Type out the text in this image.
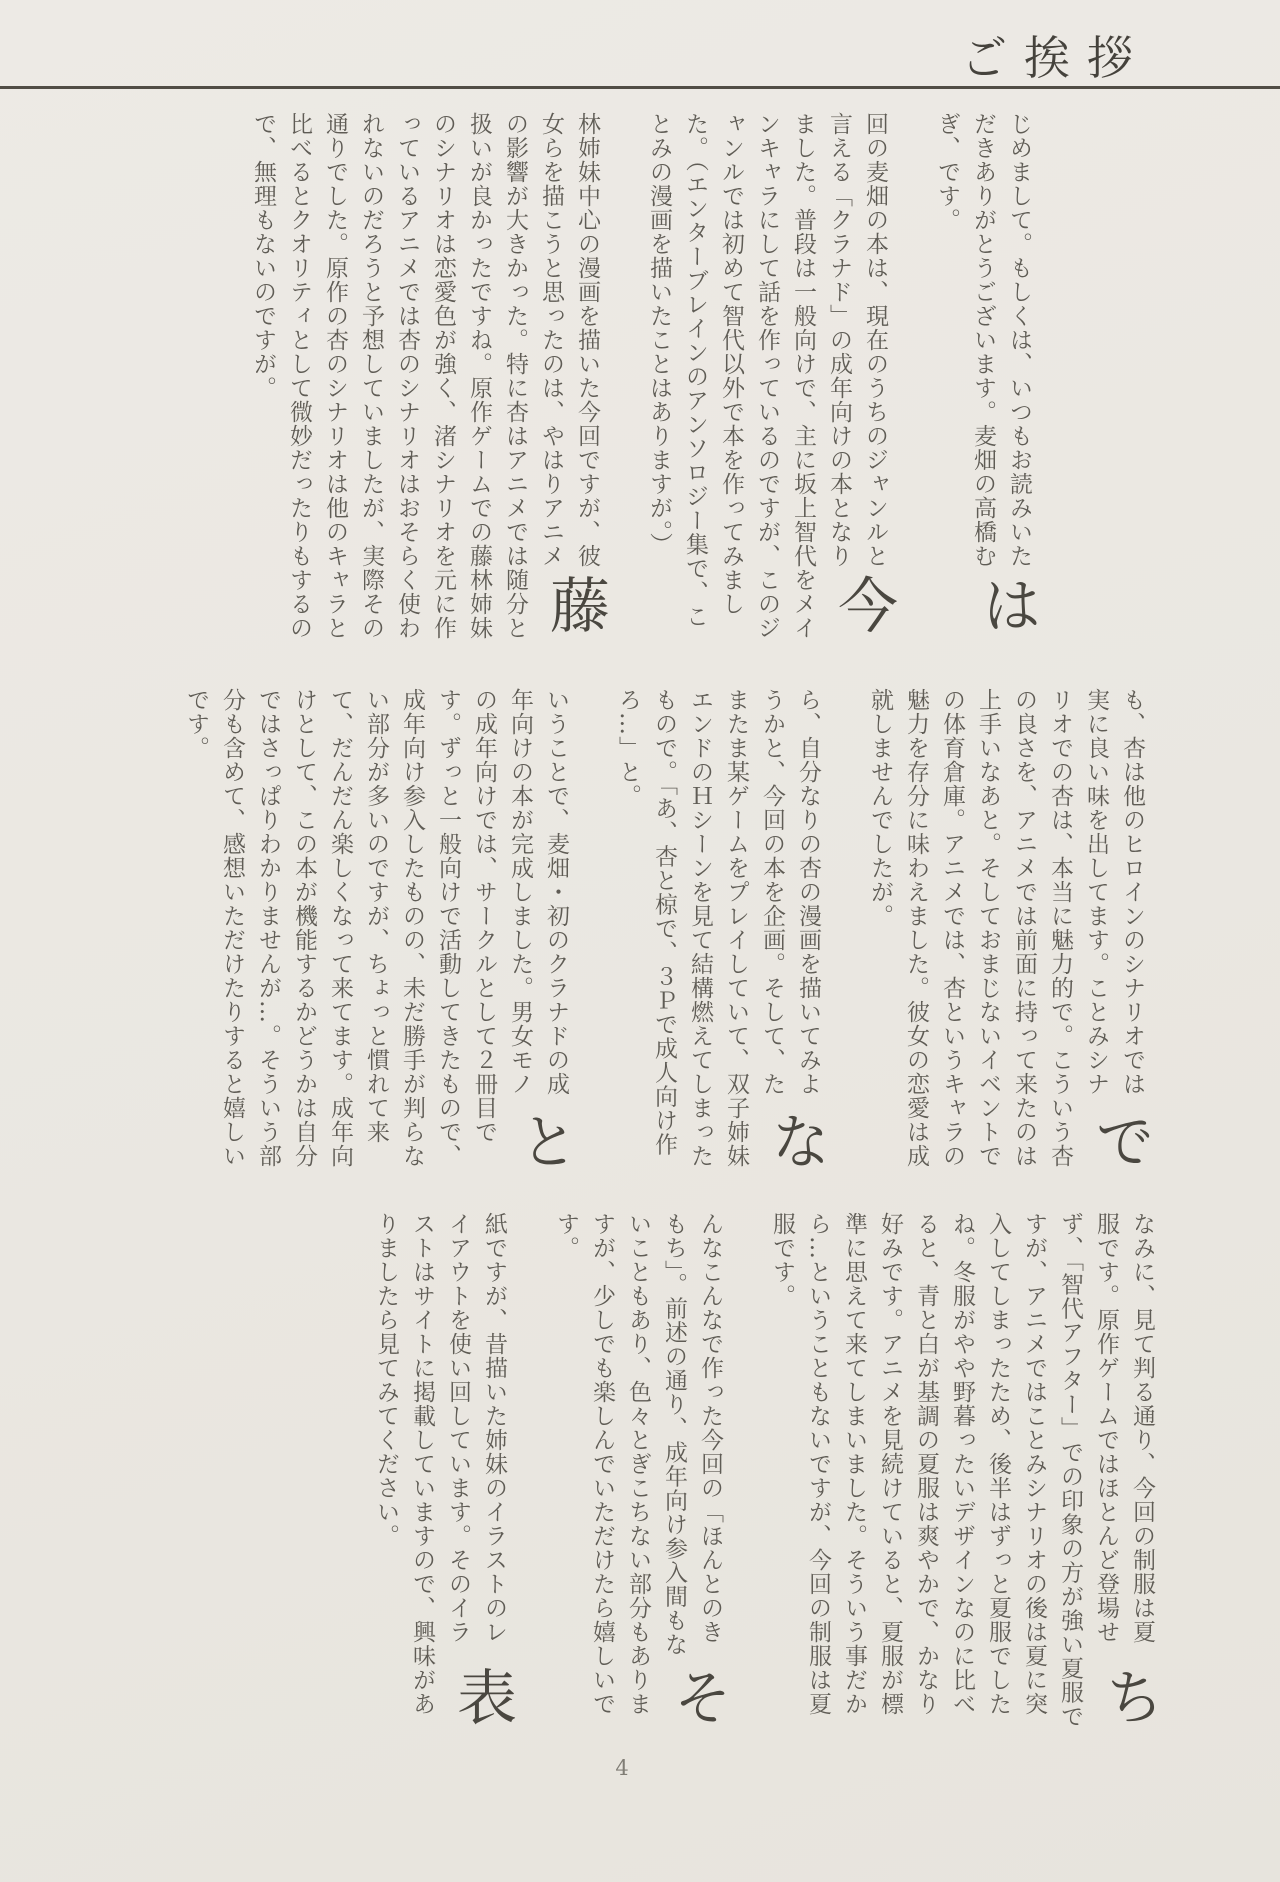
ご挨拶

は
じめまして。もしくは、いつもお読みいただきありがとうございます。麦畑の高橋むぎ、です。

今
回の麦畑の本は、現在のうちのジャンルと言える「クラナド」の成年向けの本となりました。普段は一般向けで、主に坂上智代をメインキャラにして話を作っているのですが、このジャンルでは初めて智代以外で本を作ってみました。（エンターブレインのアンソロジー集で、ことみの漫画を描いたことはありますが。）

藤
林姉妹中心の漫画を描いた今回ですが、彼女らを描こうと思ったのは、やはりアニメの影響が大きかった。特に杏はアニメでは随分と扱いが良かったですね。原作ゲームでの藤林姉妹のシナリオは恋愛色が強く、渚シナリオを元に作っているアニメでは杏のシナリオはおそらく使われないのだろうと予想していましたが、実際その通りでした。原作の杏のシナリオは他のキャラと比べるとクオリティとして微妙だったりもするので、無理もないのですが。

で
も、杏は他のヒロインのシナリオでは実に良い味を出してます。ことみシナリオでの杏は、本当に魅力的で。こういう杏の良さを、アニメでは前面に持って来たのは上手いなあと。そしておまじないイベントでの体育倉庫。アニメでは、杏というキャラの魅力を存分に味わえました。彼女の恋愛は成就しませんでしたが。

な
ら、自分なりの杏の漫画を描いてみようかと、今回の本を企画。そして、たまたま某ゲームをプレイしていて、双子姉妹エンドのＨシーンを見て結構燃えてしまったもので。「あ、杏と椋で、３Ｐで成人向け作ろ…」と。

と
いうことで、麦畑・初のクラナドの成年向けの本が完成しました。男女モノの成年向けでは、サークルとして２冊目です。ずっと一般向けで活動してきたもので、成年向け参入したものの、未だ勝手が判らない部分が多いのですが、ちょっと慣れて来て、だんだん楽しくなって来てます。成年向けとして、この本が機能するかどうかは自分ではさっぱりわかりませんが…。そういう部分も含めて、感想いただけたりすると嬉しいです。

ち
なみに、見て判る通り、今回の制服は夏服です。原作ゲームではほとんど登場せず、「智代アフター」での印象の方が強い夏服ですが、アニメではことみシナリオの後は夏に突入してしまったため、後半はずっと夏服でしたね。冬服がやや野暮ったいデザインなのに比べると、青と白が基調の夏服は爽やかで、かなり好みです。アニメを見続けていると、夏服が標準に思えて来てしまいました。そういう事だから…ということもないですが、今回の制服は夏服です。

そ
んなこんなで作った今回の「ほんとのきもち」。前述の通り、成年向け参入間もないこともあり、色々とぎこちない部分もありますが、少しでも楽しんでいただけたら嬉しいです。

表
紙ですが、昔描いた姉妹のイラストのレイアウトを使い回しています。そのイラストはサイトに掲載していますので、興味がありましたら見てみてください。

4
